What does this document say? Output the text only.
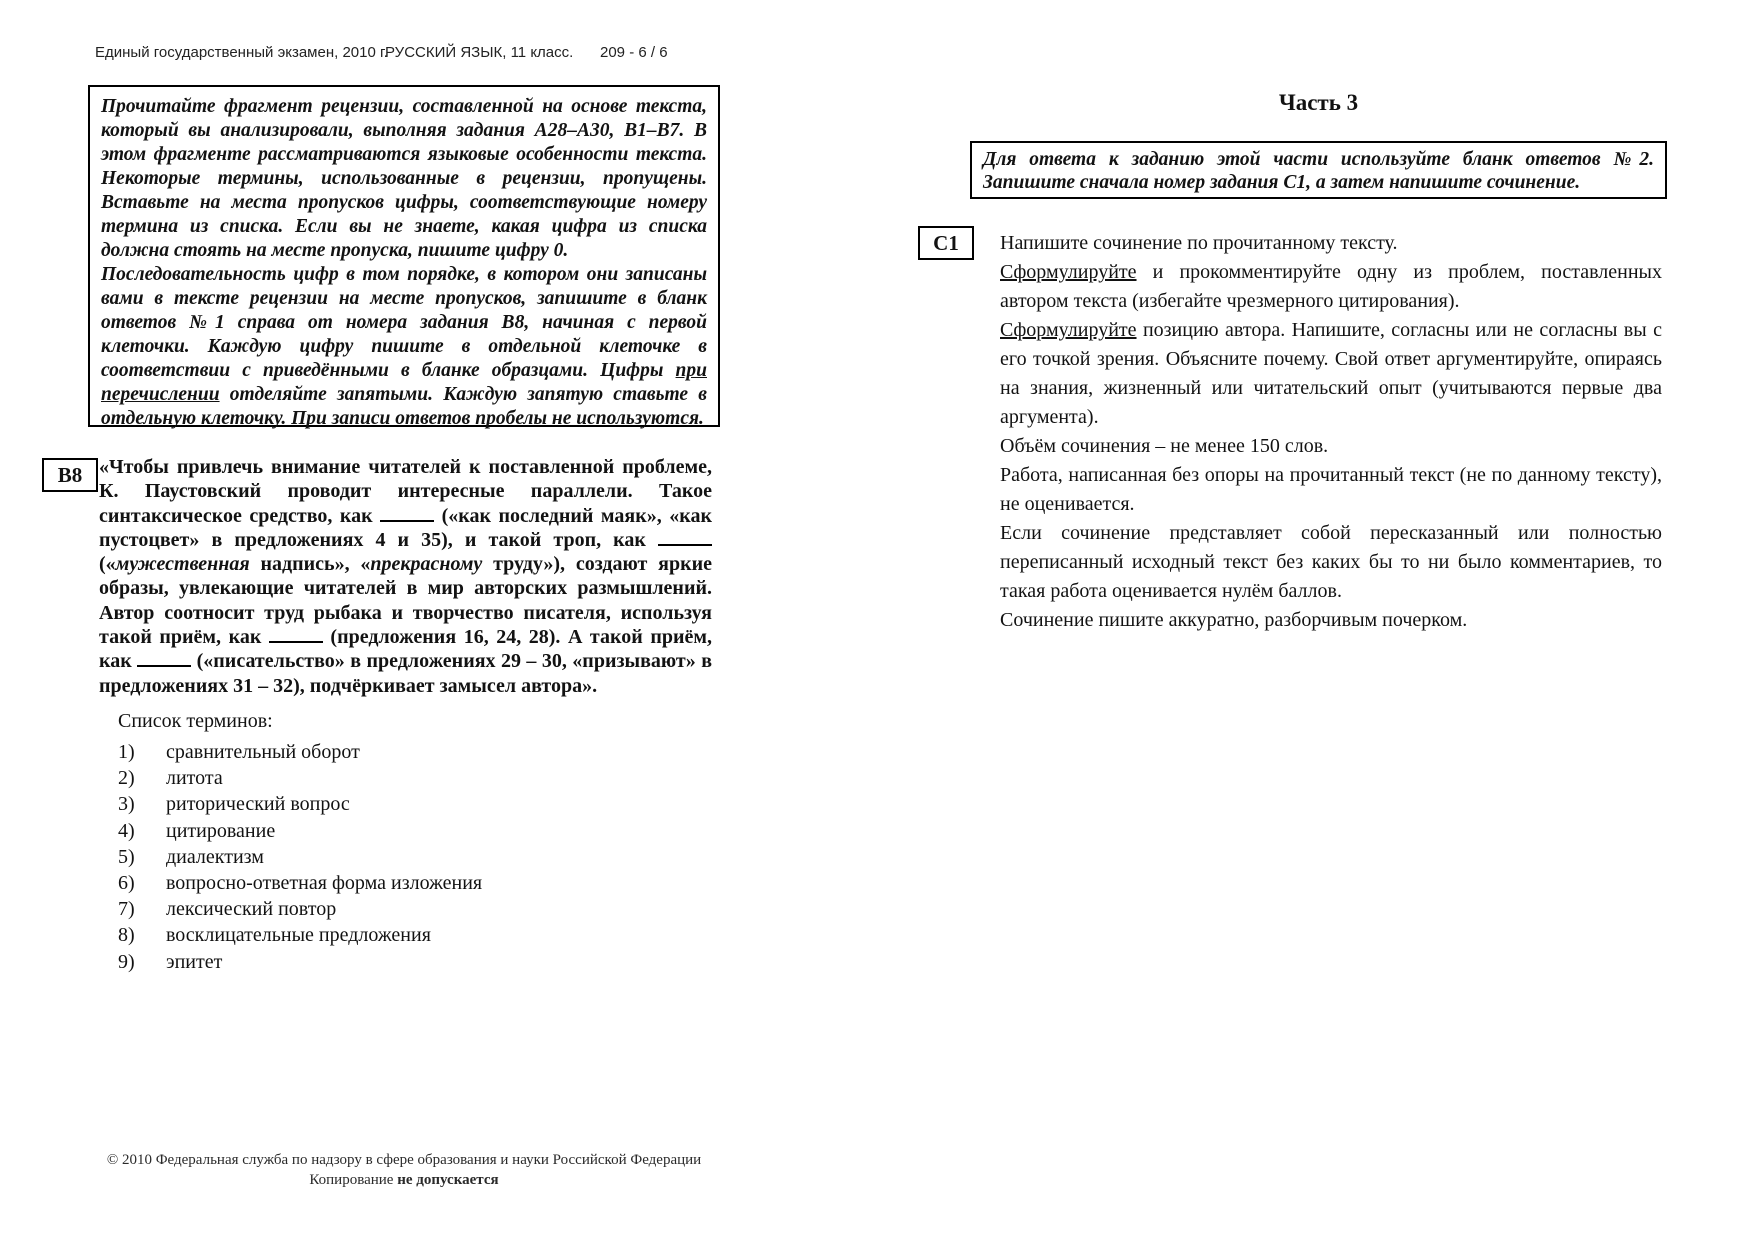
Единый государственный экзамен, 2010 г.
РУССКИЙ ЯЗЫК, 11 класс. 209 - 6 / 6

Прочитайте фрагмент рецензии, составленной на основе текста, который вы анализировали, выполняя задания А28–А30, В1–В7. В этом фрагменте рассматриваются языковые особенности текста. Некоторые термины, использованные в рецензии, пропущены. Вставьте на места пропусков цифры, соответствующие номеру термина из списка. Если вы не знаете, какая цифра из списка должна стоять на месте пропуска, пишите цифру 0.

Последовательность цифр в том порядке, в котором они записаны вами в тексте рецензии на месте пропусков, запишите в бланк ответов №1 справа от номера задания В8, начиная с первой клеточки. Каждую цифру пишите в отдельной клеточке в соответствии с приведёнными в бланке образцами. Цифры при перечислении отделяйте запятыми. Каждую запятую ставьте в отдельную клеточку. При записи ответов пробелы не используются.

В8 «Чтобы привлечь внимание читателей к поставленной проблеме, К. Паустовский проводит интересные параллели. Такое синтаксическое средство, как	(«как последний маяк», «как пустоцвет» в предложениях 4 и 35), и такой троп, как  («мужественная надпись», «прекрасному труду»), создают яркие образы, увлекающие читателей в мир авторских размышлений. Автор соотносит труд рыбака и творчество писателя, используя такой приём, как	(предложения 16, 24, 28). А такой приём, как	(«писательство» в предложениях 29 – 30, «призывают» в предложениях 31 – 32), подчёркивает замысел автора».

Список терминов:

1)	сравнительный оборот
2)	литота
3)	риторический вопрос
4)	цитирование
5)	диалектизм
6)	вопросно-ответная форма изложения
7)	лексический повтор
8)	восклицательные предложения
9)	эпитет
Часть 3
Для ответа к заданию этой части используйте бланк ответов №2. Запишите сначала номер задания С1, а затем напишите сочинение.
С1 Напишите сочинение по прочитанному тексту.

Сформулируйте и прокомментируйте одну из проблем, поставленных автором текста (избегайте чрезмерного цитирования).

Сформулируйте позицию автора. Напишите, согласны или не согласны вы с его точкой зрения. Объясните почему. Свой ответ аргументируйте, опираясь на знания, жизненный или читательский опыт (учитываются первые два аргумента).

Объём сочинения – не менее 150 слов.

Работа, написанная без опоры на прочитанный текст (не по данному тексту), не оценивается.

Если сочинение представляет собой пересказанный или полностью переписанный исходный текст без каких бы то ни было комментариев, то такая работа оценивается нулём баллов.

Сочинение пишите аккуратно, разборчивым почерком.

© 2010 Федеральная служба по надзору в сфере образования и науки Российской Федерации
Копирование не допускается
